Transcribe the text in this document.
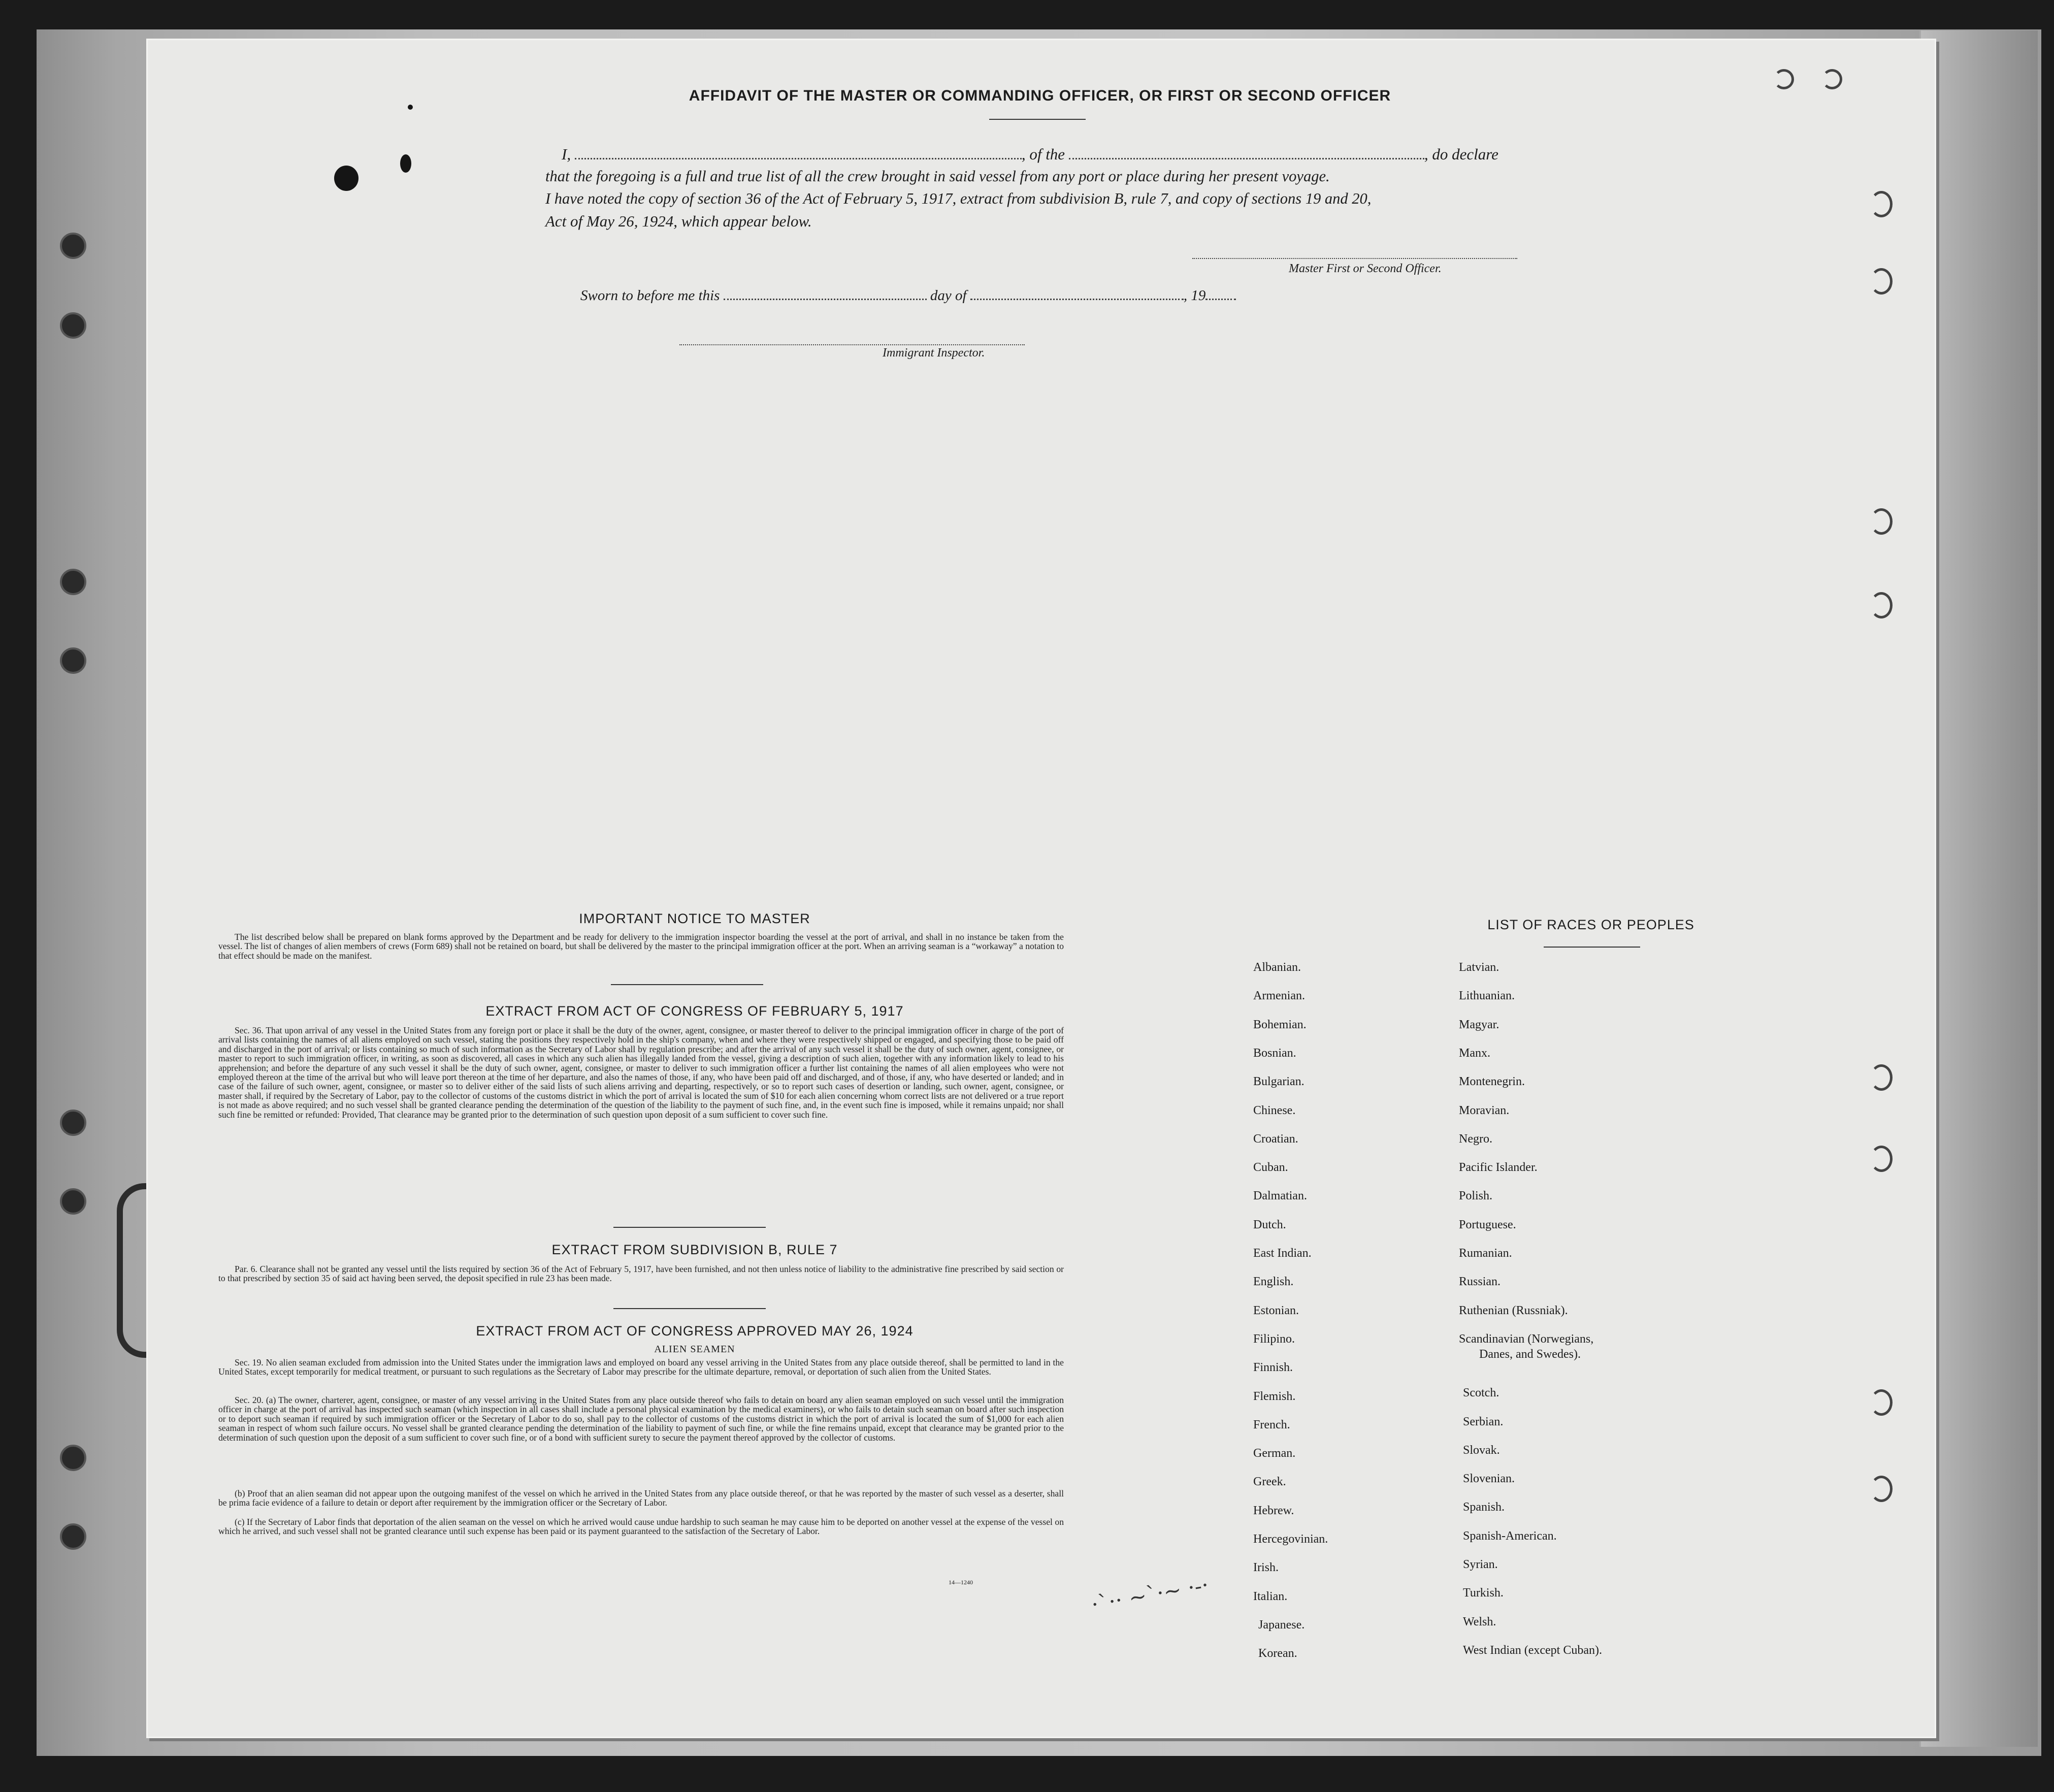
AFFIDAVIT OF THE MASTER OR COMMANDING OFFICER, OR FIRST OR SECOND OFFICER
I,	, of the	, do declare
that the foregoing is a full and true list of all the crew brought in said vessel from any port or place during her present voyage.
I have noted the copy of section 36 of the Act of February 5, 1917, extract from subdivision B, rule 7, and copy of sections 19 and 20,
Act of May 26, 1924, which appear below.
Master First or Second Officer.
Sworn to before me this	day of	, 19
Immigrant Inspector.
IMPORTANT NOTICE TO MASTER
The list described below shall be prepared on blank forms approved by the Department and be ready for delivery to the immigration inspector boarding the vessel at the port of arrival, and shall in no instance be taken from the vessel. The list of changes of alien members of crews (Form 689) shall not be retained on board, but shall be delivered by the master to the principal immigration officer at the port. When an arriving seaman is a “workaway” a notation to that effect should be made on the manifest.
EXTRACT FROM ACT OF CONGRESS OF FEBRUARY 5, 1917
Sec. 36. That upon arrival of any vessel in the United States from any foreign port or place it shall be the duty of the owner, agent, consignee, or master thereof to deliver to the principal immigration officer in charge of the port of arrival lists containing the names of all aliens employed on such vessel, stating the positions they respectively hold in the ship's company, when and where they were respectively shipped or engaged, and specifying those to be paid off and discharged in the port of arrival; or lists containing so much of such information as the Secretary of Labor shall by regulation prescribe; and after the arrival of any such vessel it shall be the duty of such owner, agent, consignee, or master to report to such immigration officer, in writing, as soon as discovered, all cases in which any such alien has illegally landed from the vessel, giving a description of such alien, together with any information likely to lead to his apprehension; and before the departure of any such vessel it shall be the duty of such owner, agent, consignee, or master to deliver to such immigration officer a further list containing the names of all alien employees who were not employed thereon at the time of the arrival but who will leave port thereon at the time of her departure, and also the names of those, if any, who have been paid off and discharged, and of those, if any, who have deserted or landed; and in case of the failure of such owner, agent, consignee, or master so to deliver either of the said lists of such aliens arriving and departing, respectively, or so to report such cases of desertion or landing, such owner, agent, consignee, or master shall, if required by the Secretary of Labor, pay to the collector of customs of the customs district in which the port of arrival is located the sum of $10 for each alien concerning whom correct lists are not delivered or a true report is not made as above required; and no such vessel shall be granted clearance pending the determination of the question of the liability to the payment of such fine, and, in the event such fine is imposed, while it remains unpaid; nor shall such fine be remitted or refunded: Provided, That clearance may be granted prior to the determination of such question upon deposit of a sum sufficient to cover such fine.
EXTRACT FROM SUBDIVISION B, RULE 7
Par. 6. Clearance shall not be granted any vessel until the lists required by section 36 of the Act of February 5, 1917, have been furnished, and not then unless notice of liability to the administrative fine prescribed by said section or to that prescribed by section 35 of said act having been served, the deposit specified in rule 23 has been made.
EXTRACT FROM ACT OF CONGRESS APPROVED MAY 26, 1924
ALIEN SEAMEN
Sec. 19. No alien seaman excluded from admission into the United States under the immigration laws and employed on board any vessel arriving in the United States from any place outside thereof, shall be permitted to land in the United States, except temporarily for medical treatment, or pursuant to such regulations as the Secretary of Labor may prescribe for the ultimate departure, removal, or deportation of such alien from the United States.
Sec. 20. (a) The owner, charterer, agent, consignee, or master of any vessel arriving in the United States from any place outside thereof who fails to detain on board any alien seaman employed on such vessel until the immigration officer in charge at the port of arrival has inspected such seaman (which inspection in all cases shall include a personal physical examination by the medical examiners), or who fails to detain such seaman on board after such inspection or to deport such seaman if required by such immigration officer or the Secretary of Labor to do so, shall pay to the collector of customs of the customs district in which the port of arrival is located the sum of $1,000 for each alien seaman in respect of whom such failure occurs. No vessel shall be granted clearance pending the determination of the liability to payment of such fine, or while the fine remains unpaid, except that clearance may be granted prior to the determination of such question upon the deposit of a sum sufficient to cover such fine, or of a bond with sufficient surety to secure the payment thereof approved by the collector of customs.
(b) Proof that an alien seaman did not appear upon the outgoing manifest of the vessel on which he arrived in the United States from any place outside thereof, or that he was reported by the master of such vessel as a deserter, shall be prima facie evidence of a failure to detain or deport after requirement by the immigration officer or the Secretary of Labor.
(c) If the Secretary of Labor finds that deportation of the alien seaman on the vessel on which he arrived would cause undue hardship to such seaman he may cause him to be deported on another vessel at the expense of the vessel on which he arrived, and such vessel shall not be granted clearance until such expense has been paid or its payment guaranteed to the satisfaction of the Secretary of Labor.
14—1240
LIST OF RACES OR PEOPLES
·`·· ~`·~ ·-·
Albanian.
Armenian.
Bohemian.
Bosnian.
Bulgarian.
Chinese.
Croatian.
Cuban.
Dalmatian.
Dutch.
East Indian.
English.
Estonian.
Filipino.
Finnish.
Flemish.
French.
German.
Greek.
Hebrew.
Hercegovinian.
Irish.
Italian.
Japanese.
Korean.
Latvian.
Lithuanian.
Magyar.
Manx.
Montenegrin.
Moravian.
Negro.
Pacific Islander.
Polish.
Portuguese.
Rumanian.
Russian.
Ruthenian (Russniak).
Scandinavian (Norwegians,
Danes, and Swedes).
Scotch.
Serbian.
Slovak.
Slovenian.
Spanish.
Spanish-American.
Syrian.
Turkish.
Welsh.
West Indian (except Cuban).
